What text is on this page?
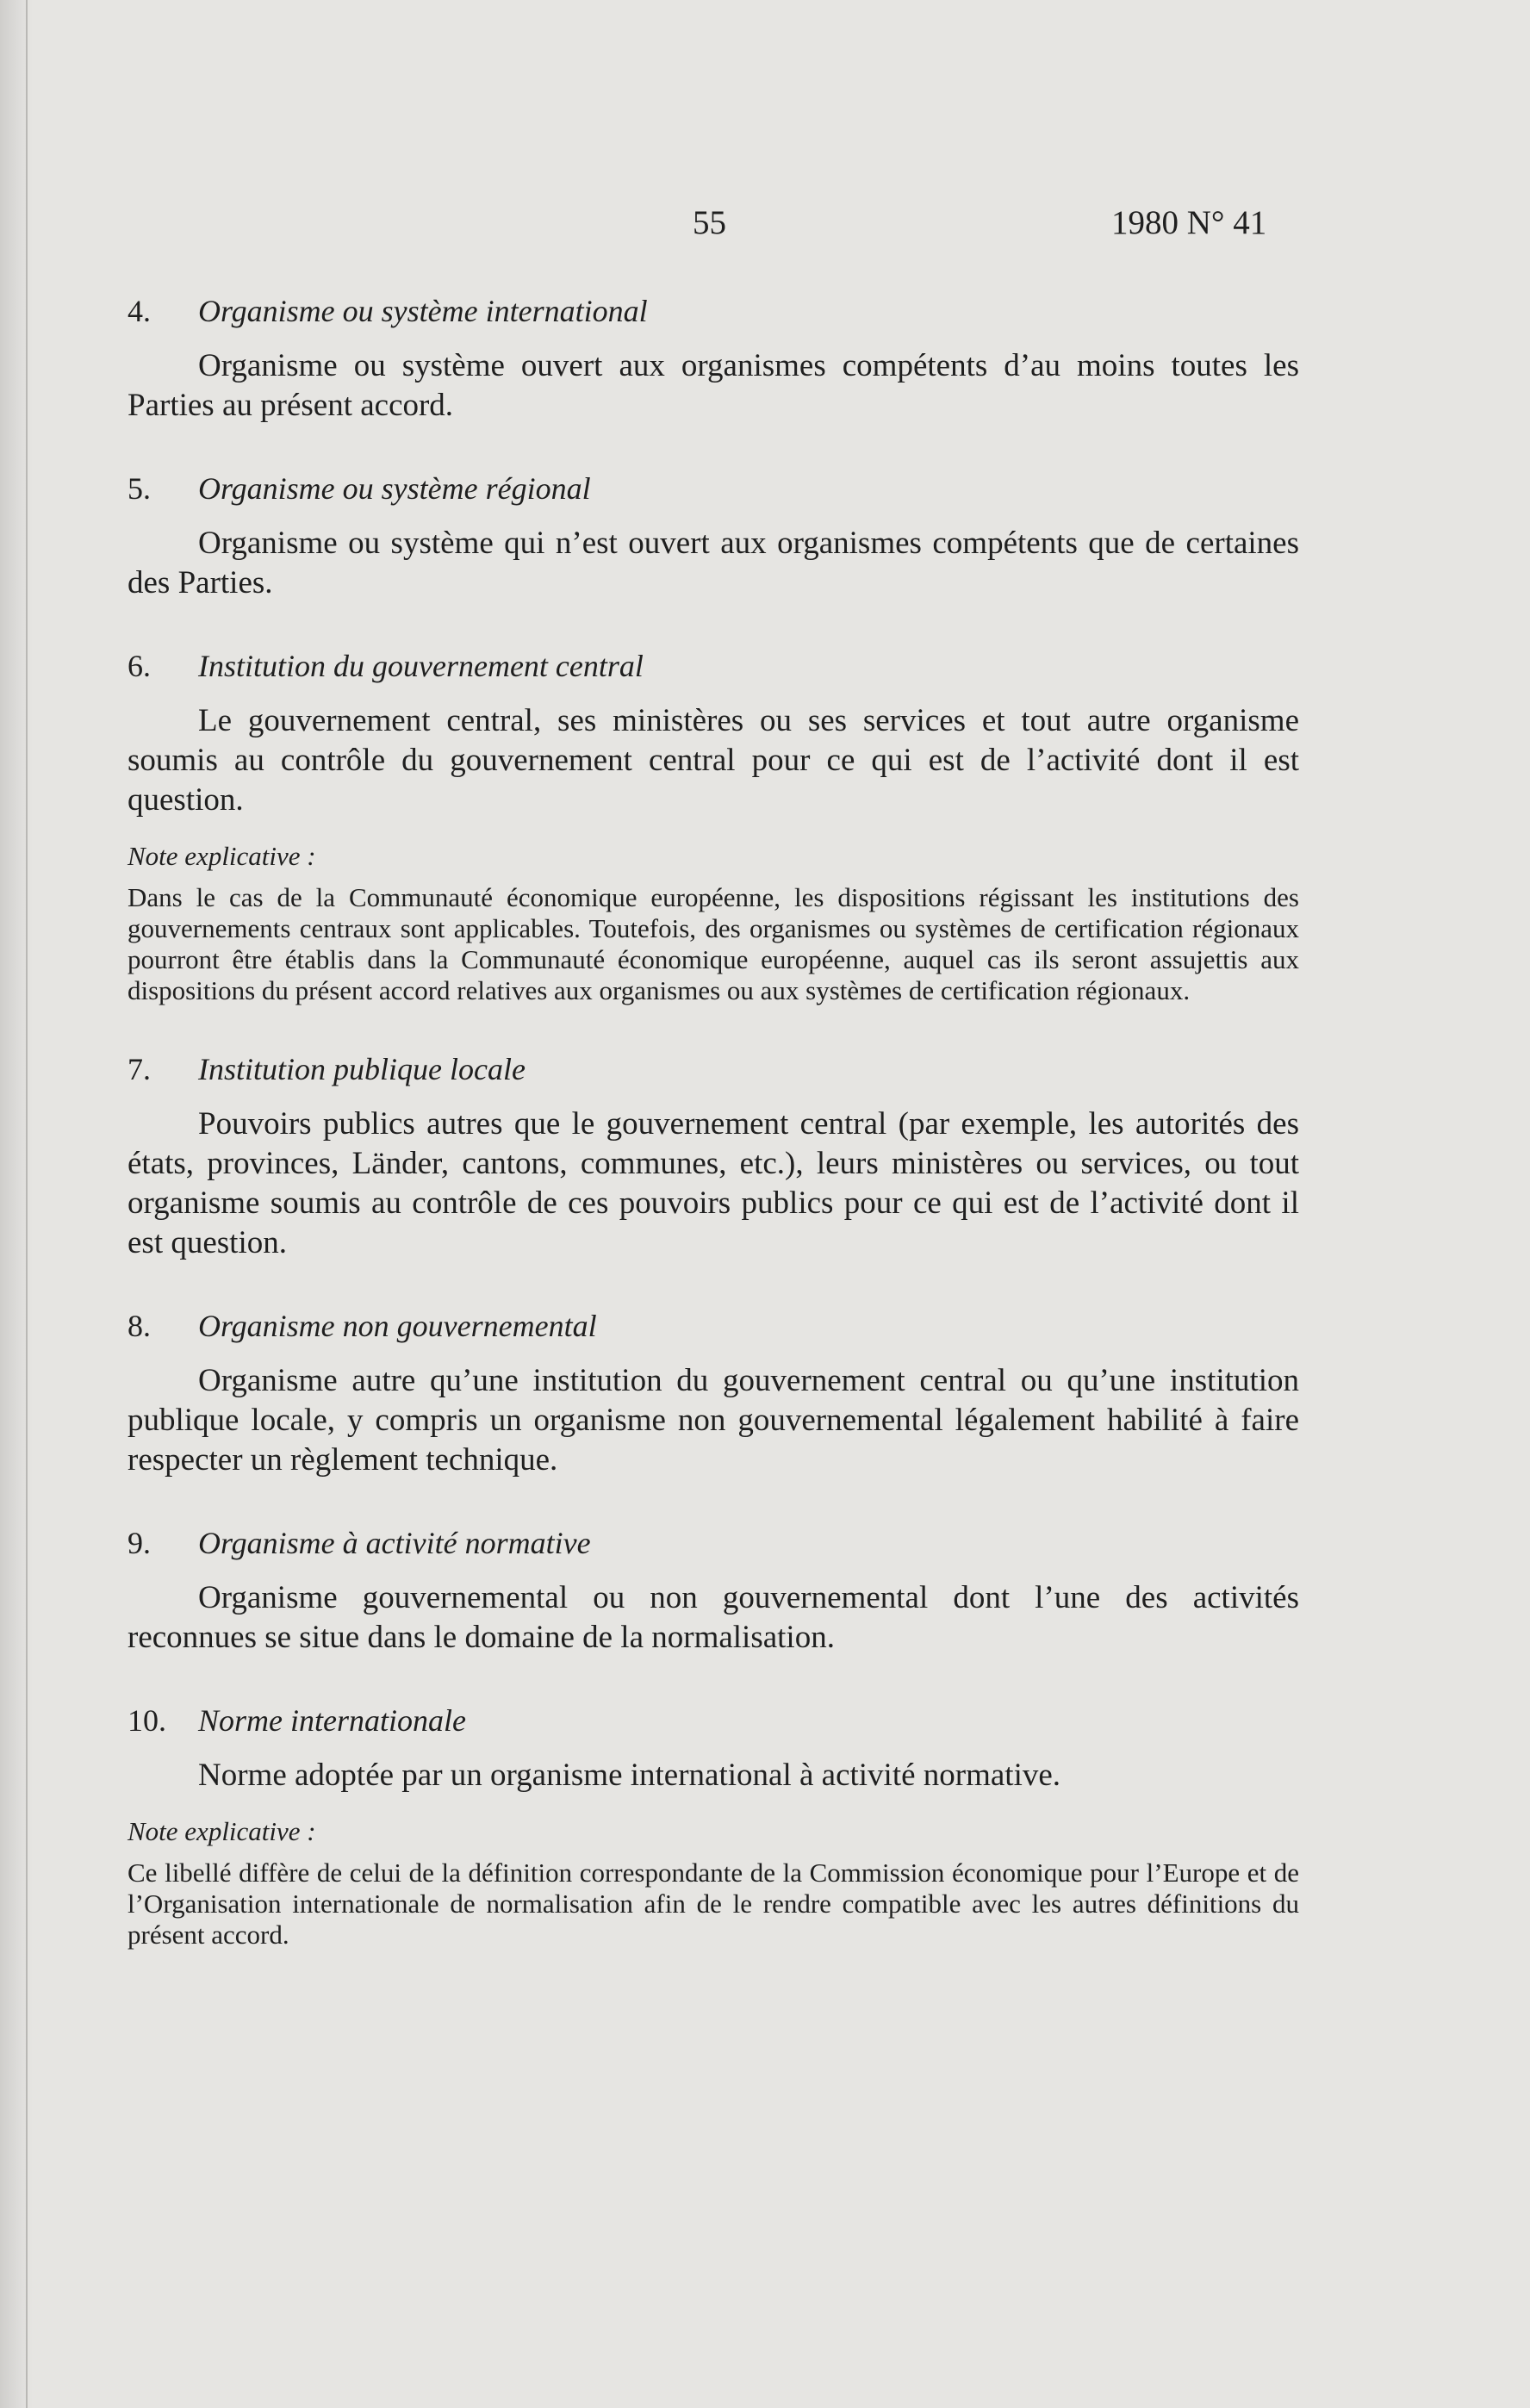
55	1980 N° 41
4. Organisme ou système international
Organisme ou système ouvert aux organismes compétents d’au moins toutes les Parties au présent accord.
5. Organisme ou système régional
Organisme ou système qui n’est ouvert aux organismes compétents que de certaines des Parties.
6. Institution du gouvernement central
Le gouvernement central, ses ministères ou ses services et tout autre organisme soumis au contrôle du gouvernement central pour ce qui est de l’activité dont il est question.
Note explicative :
Dans le cas de la Communauté économique européenne, les dispositions régissant les institutions des gouvernements centraux sont applicables. Toutefois, des organismes ou systèmes de certification régionaux pourront être établis dans la Communauté économique européenne, auquel cas ils seront assujettis aux dispositions du présent accord relatives aux organismes ou aux systèmes de certification régionaux.
7. Institution publique locale
Pouvoirs publics autres que le gouvernement central (par exemple, les autorités des états, provinces, Länder, cantons, communes, etc.), leurs ministères ou services, ou tout organisme soumis au contrôle de ces pouvoirs publics pour ce qui est de l’activité dont il est question.
8. Organisme non gouvernemental
Organisme autre qu’une institution du gouvernement central ou qu’une institution publique locale, y compris un organisme non gouvernemental légalement habilité à faire respecter un règlement technique.
9. Organisme à activité normative
Organisme gouvernemental ou non gouvernemental dont l’une des activités reconnues se situe dans le domaine de la normalisation.
10. Norme internationale
Norme adoptée par un organisme international à activité normative.
Note explicative :
Ce libellé diffère de celui de la définition correspondante de la Commission économique pour l’Europe et de l’Organisation internationale de normalisation afin de le rendre compatible avec les autres définitions du présent accord.
